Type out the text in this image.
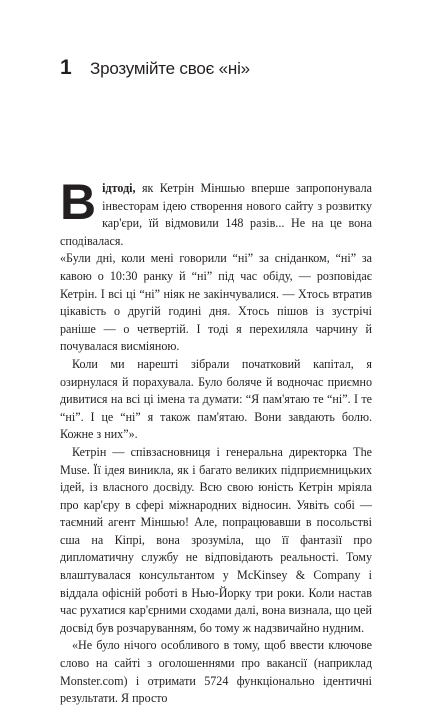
1	Зрозумійте своє «ні»

В ідтоді, як Кетрін Міншью вперше запропонувала інвесторам ідею створення нового сайту з розвитку кар'єри, їй відмовили 148 разів... Не на це вона сподівалася.

«Були дні, коли мені говорили “ні” за сніданком, “ні” за кавою о 10:30 ранку й “ні” під час обіду, — розповідає Кетрін. І всі ці “ні” ніяк не закінчувалися. — Хтось втратив цікавість о другій годині дня. Хтось пішов із зустрічі раніше — о четвертій. І тоді я перехиляла чарчину й почувалася висміяною.

Коли ми нарешті зібрали початковий капітал, я озирнулася й порахувала. Було боляче й водночас приємно дивитися на всі ці імена та думати: “Я пам'ятаю те “ні”. І те “ні”. І це “ні” я також пам'ятаю. Вони завдають болю. Кожне з них”».

Кетрін — співзасновниця і генеральна директорка The Muse. Її ідея виникла, як і багато великих підприємницьких ідей, із власного досвіду. Всю свою юність Кетрін мріяла про кар'єру в сфері міжнародних відносин. Уявіть собі — таємний агент Міншью! Але, попрацювавши в посольстві сша на Кіпрі, вона зрозуміла, що її фантазії про дипломатичну службу не відповідають реальності. Тому влаштувалася консультантом у McKinsey & Company і віддала офісній роботі в Нью-Йорку три роки. Коли настав час рухатися кар'єрними сходами далі, вона визнала, що цей досвід був розчаруванням, бо тому ж надзвичайно нудним.

«Не було нічого особливого в тому, щоб ввести ключове слово на сайті з оголошеннями про вакансії (наприклад Monster.com) і отримати 5724 функціонально ідентичні результати. Я просто
